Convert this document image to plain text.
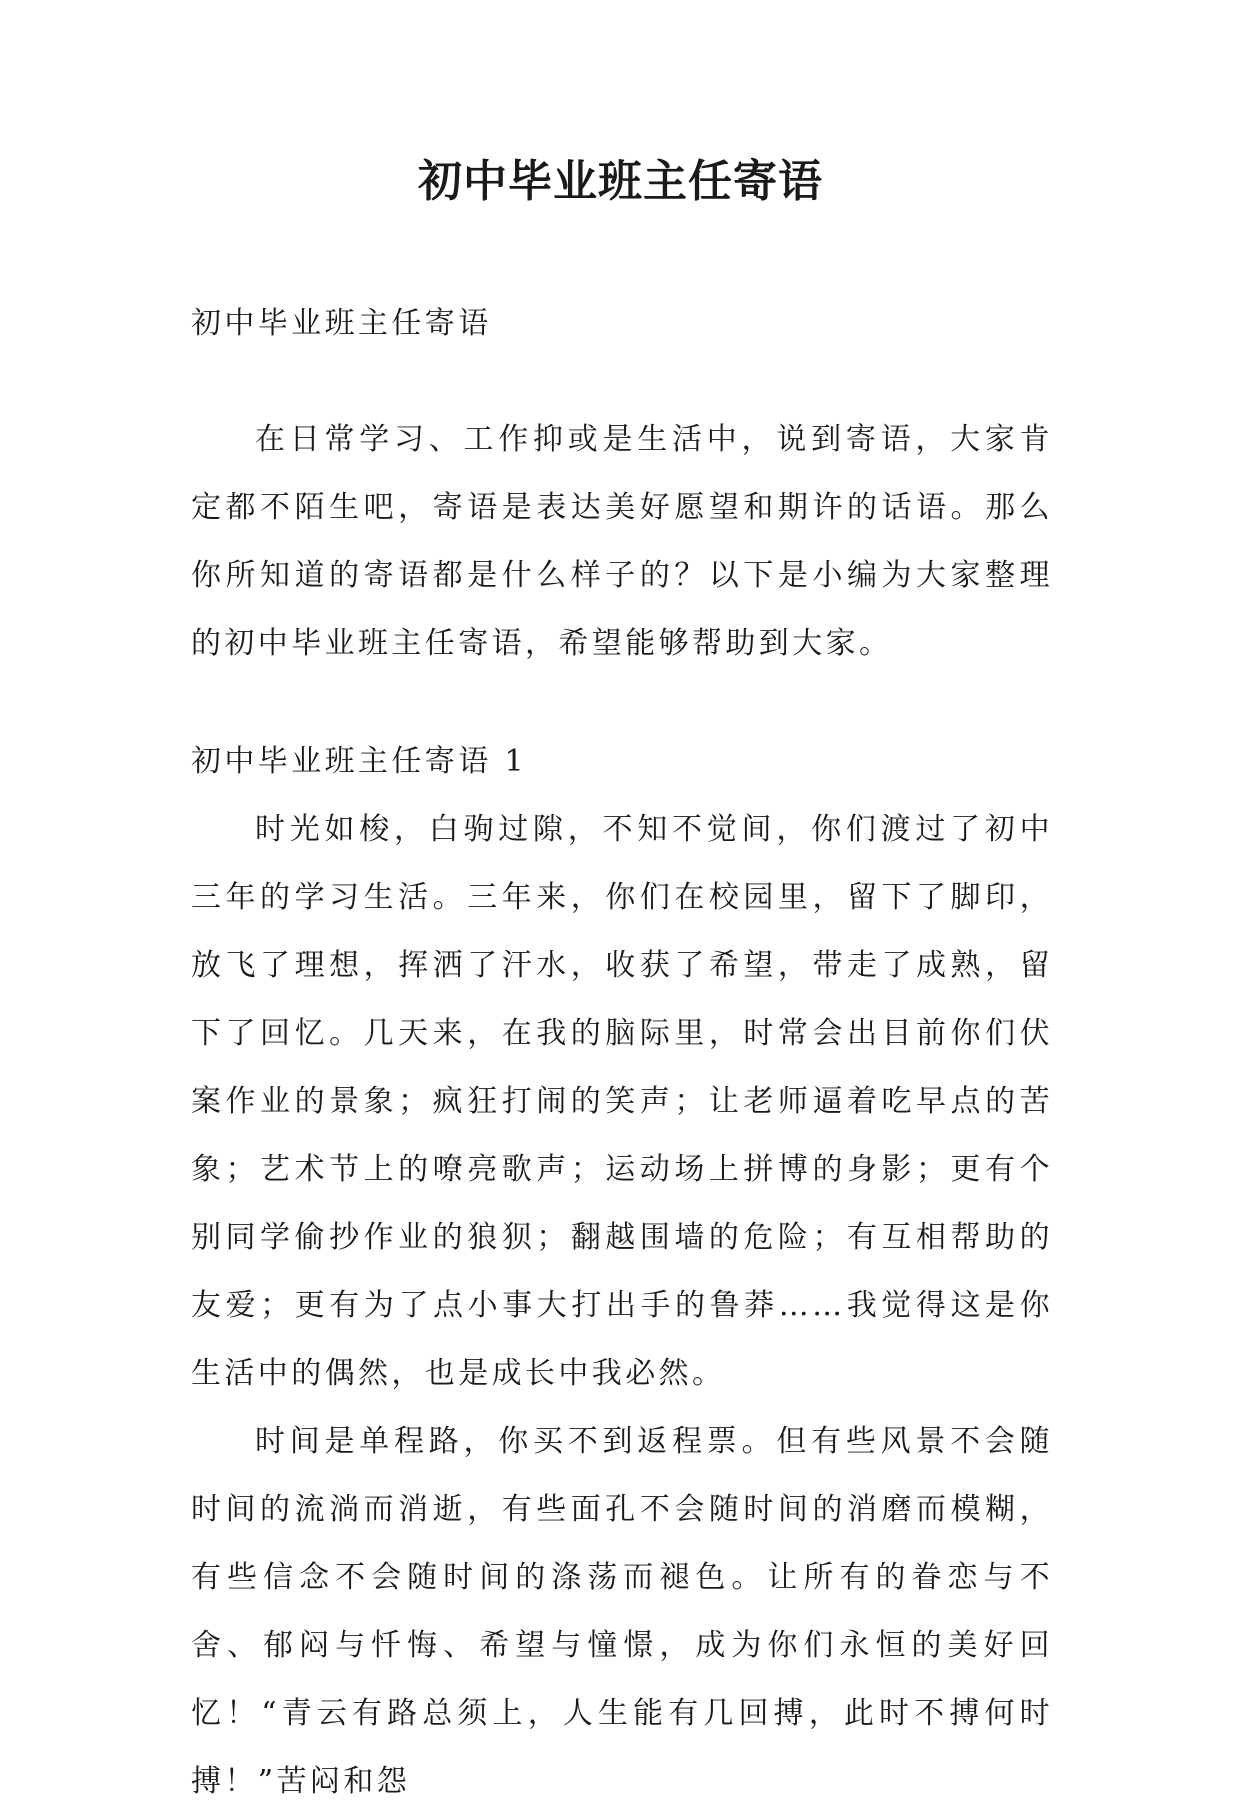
初中毕业班主任寄语

初中毕业班主任寄语

在日常学习、工作抑或是生活中，说到寄语，大家肯定都不陌生吧，寄语是表达美好愿望和期许的话语。那么你所知道的寄语都是什么样子的？以下是小编为大家整理的初中毕业班主任寄语，希望能够帮助到大家。

初中毕业班主任寄语 1

时光如梭，白驹过隙，不知不觉间，你们渡过了初中三年的学习生活。三年来，你们在校园里，留下了脚印，放飞了理想，挥洒了汗水，收获了希望，带走了成熟，留下了回忆。几天来，在我的脑际里，时常会出目前你们伏案作业的景象；疯狂打闹的笑声；让老师逼着吃早点的苦象；艺术节上的嘹亮歌声；运动场上拼博的身影；更有个别同学偷抄作业的狼狈；翻越围墙的危险；有互相帮助的友爱；更有为了点小事大打出手的鲁莽……我觉得这是你生活中的偶然，也是成长中我必然。

时间是单程路，你买不到返程票。但有些风景不会随时间的流淌而消逝，有些面孔不会随时间的消磨而模糊，有些信念不会随时间的涤荡而褪色。让所有的眷恋与不舍、郁闷与忏悔、希望与憧憬，成为你们永恒的美好回忆！“青云有路总须上，人生能有几回搏，此时不搏何时搏！”苦闷和怨
